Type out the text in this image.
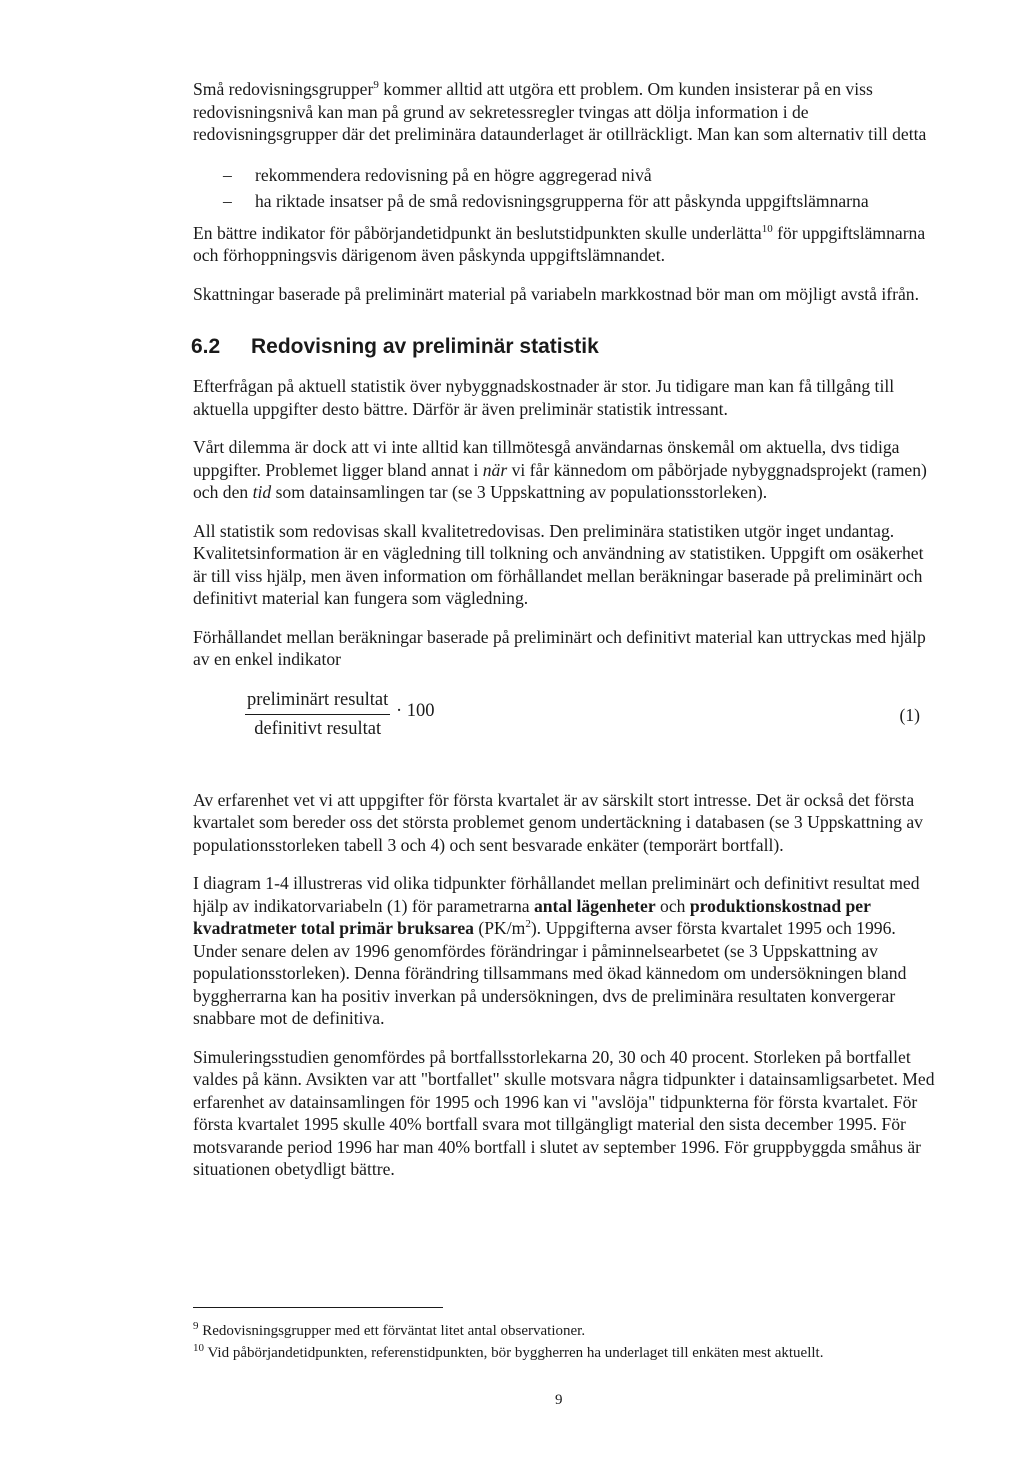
Små redovisningsgrupper$^9$ kommer alltid att utgöra ett problem. Om kunden insisterar på en viss redovisningsnivå kan man på grund av sekretessregler tvingas att dölja information i de redovisningsgrupper där det preliminära dataunderlaget är otillräckligt. Man kan som alternativ till detta

– rekommendera redovisning på en högre aggregerad nivå
– ha riktade insatser på de små redovisningsgrupperna för att påskynda uppgiftslämnarna

En bättre indikator för påbörjandetidpunkt än beslutstidpunkten skulle underlätta$^{10}$ för uppgiftslämnarna och förhoppningsvis därigenom även påskynda uppgiftslämnandet.

Skattningar baserade på preliminärt material på variabeln markkostnad bör man om möjligt avstå ifrån.

6.2 Redovisning av preliminär statistik

Efterfrågan på aktuell statistik över nybyggnadskostnader är stor. Ju tidigare man kan få tillgång till aktuella uppgifter desto bättre. Därför är även preliminär statistik intressant.

Vårt dilemma är dock att vi inte alltid kan tillmötesgå användarnas önskemål om aktuella, dvs tidiga uppgifter. Problemet ligger bland annat i när vi får kännedom om påbörjade nybyggnadsprojekt (ramen) och den tid som datainsamlingen tar (se 3 Uppskattning av populationsstorleken).

All statistik som redovisas skall kvalitetredovisas. Den preliminära statistiken utgör inget undantag. Kvalitetsinformation är en vägledning till tolkning och användning av statistiken. Uppgift om osäkerhet är till viss hjälp, men även information om förhållandet mellan beräkningar baserade på preliminärt och definitivt material kan fungera som vägledning.

Förhållandet mellan beräkningar baserade på preliminärt och definitivt material kan uttryckas med hjälp av en enkel indikator

preliminärt resultat
definitivt resultat
· 100	(1)

Av erfarenhet vet vi att uppgifter för första kvartalet är av särskilt stort intresse. Det är också det första kvartalet som bereder oss det största problemet genom undertäckning i databasen (se 3 Uppskattning av populationsstorleken tabell 3 och 4) och sent besvarade enkäter (temporärt bortfall).

I diagram 1-4 illustreras vid olika tidpunkter förhållandet mellan preliminärt och definitivt resultat med hjälp av indikatorvariabeln (1) för parametrarna antal lägenheter och produktionskostnad per kvadratmeter total primär bruksarea $(PK/m^2)$. Uppgifterna avser första kvartalet 1995 och 1996. Under senare delen av 1996 genomfördes förändringar i påminnelsearbetet (se 3 Uppskattning av populationsstorleken). Denna förändring tillsammans med ökad kännedom om undersökningen bland byggherrarna kan ha positiv inverkan på undersökningen, dvs de preliminära resultaten konvergerar snabbare mot de definitiva.

Simuleringsstudien genomfördes på bortfallsstorlekarna 20, 30 och 40 procent. Storleken på bortfallet valdes på känn. Avsikten var att "bortfallet" skulle motsvara några tidpunkter i datainsamligsarbetet. Med erfarenhet av datainsamlingen för 1995 och 1996 kan vi "avslöja" tidpunkterna för första kvartalet. För första kvartalet 1995 skulle 40% bortfall svara mot tillgängligt material den sista december 1995. För motsvarande period 1996 har man 40% bortfall i slutet av september 1996. För gruppbyggda småhus är situationen obetydligt bättre.

$^9$ Redovisningsgrupper med ett förväntat litet antal observationer.
$^{10}$ Vid påbörjandetidpunkten, referenstidpunkten, bör byggherren ha underlaget till enkäten mest aktuellt.
9
